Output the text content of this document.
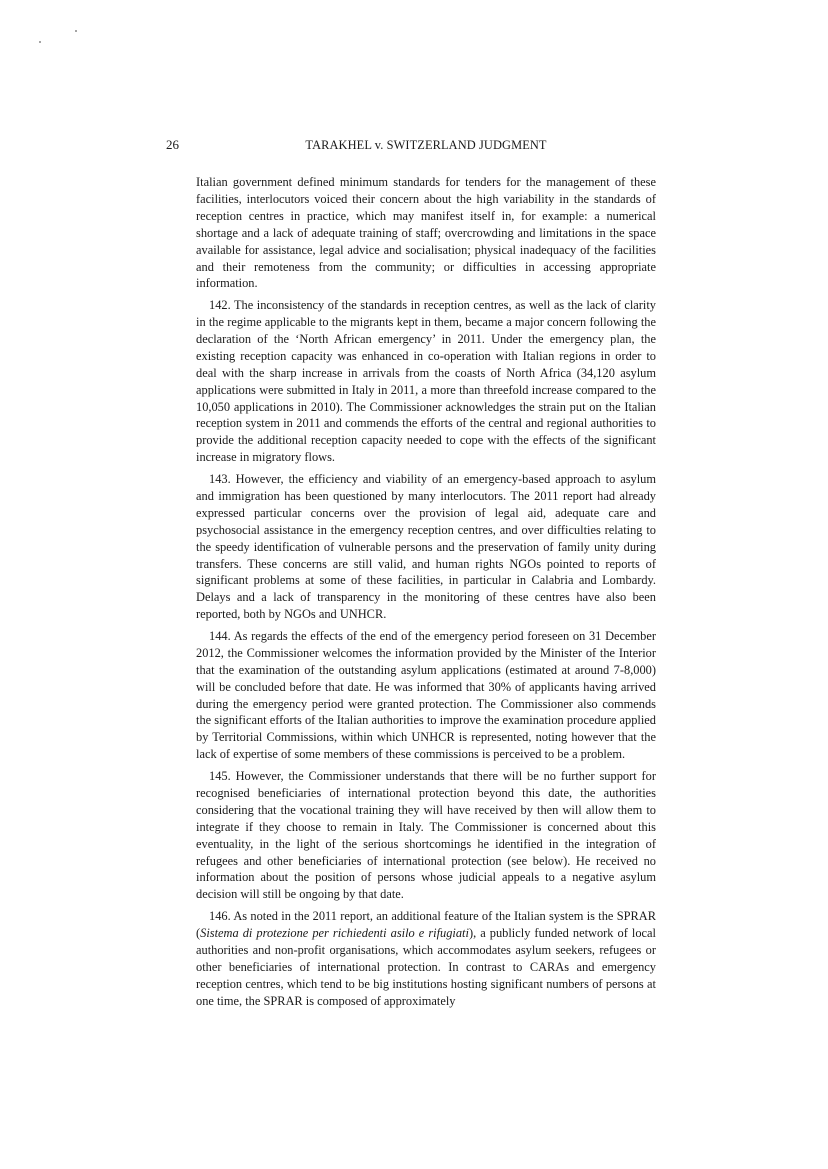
26	TARAKHEL v. SWITZERLAND JUDGMENT

Italian government defined minimum standards for tenders for the management of these facilities, interlocutors voiced their concern about the high variability in the standards of reception centres in practice, which may manifest itself in, for example: a numerical shortage and a lack of adequate training of staff; overcrowding and limitations in the space available for assistance, legal advice and socialisation; physical inadequacy of the facilities and their remoteness from the community; or difficulties in accessing appropriate information.

142. The inconsistency of the standards in reception centres, as well as the lack of clarity in the regime applicable to the migrants kept in them, became a major concern following the declaration of the ‘North African emergency’ in 2011. Under the emergency plan, the existing reception capacity was enhanced in co-operation with Italian regions in order to deal with the sharp increase in arrivals from the coasts of North Africa (34,120 asylum applications were submitted in Italy in 2011, a more than threefold increase compared to the 10,050 applications in 2010). The Commissioner acknowledges the strain put on the Italian reception system in 2011 and commends the efforts of the central and regional authorities to provide the additional reception capacity needed to cope with the effects of the significant increase in migratory flows.

143. However, the efficiency and viability of an emergency-based approach to asylum and immigration has been questioned by many interlocutors. The 2011 report had already expressed particular concerns over the provision of legal aid, adequate care and psychosocial assistance in the emergency reception centres, and over difficulties relating to the speedy identification of vulnerable persons and the preservation of family unity during transfers. These concerns are still valid, and human rights NGOs pointed to reports of significant problems at some of these facilities, in particular in Calabria and Lombardy. Delays and a lack of transparency in the monitoring of these centres have also been reported, both by NGOs and UNHCR.

144. As regards the effects of the end of the emergency period foreseen on 31 December 2012, the Commissioner welcomes the information provided by the Minister of the Interior that the examination of the outstanding asylum applications (estimated at around 7-8,000) will be concluded before that date. He was informed that 30% of applicants having arrived during the emergency period were granted protection. The Commissioner also commends the significant efforts of the Italian authorities to improve the examination procedure applied by Territorial Commissions, within which UNHCR is represented, noting however that the lack of expertise of some members of these commissions is perceived to be a problem.

145. However, the Commissioner understands that there will be no further support for recognised beneficiaries of international protection beyond this date, the authorities considering that the vocational training they will have received by then will allow them to integrate if they choose to remain in Italy. The Commissioner is concerned about this eventuality, in the light of the serious shortcomings he identified in the integration of refugees and other beneficiaries of international protection (see below). He received no information about the position of persons whose judicial appeals to a negative asylum decision will still be ongoing by that date.

146. As noted in the 2011 report, an additional feature of the Italian system is the SPRAR (Sistema di protezione per richiedenti asilo e rifugiati), a publicly funded network of local authorities and non-profit organisations, which accommodates asylum seekers, refugees or other beneficiaries of international protection. In contrast to CARAs and emergency reception centres, which tend to be big institutions hosting significant numbers of persons at one time, the SPRAR is composed of approximately
